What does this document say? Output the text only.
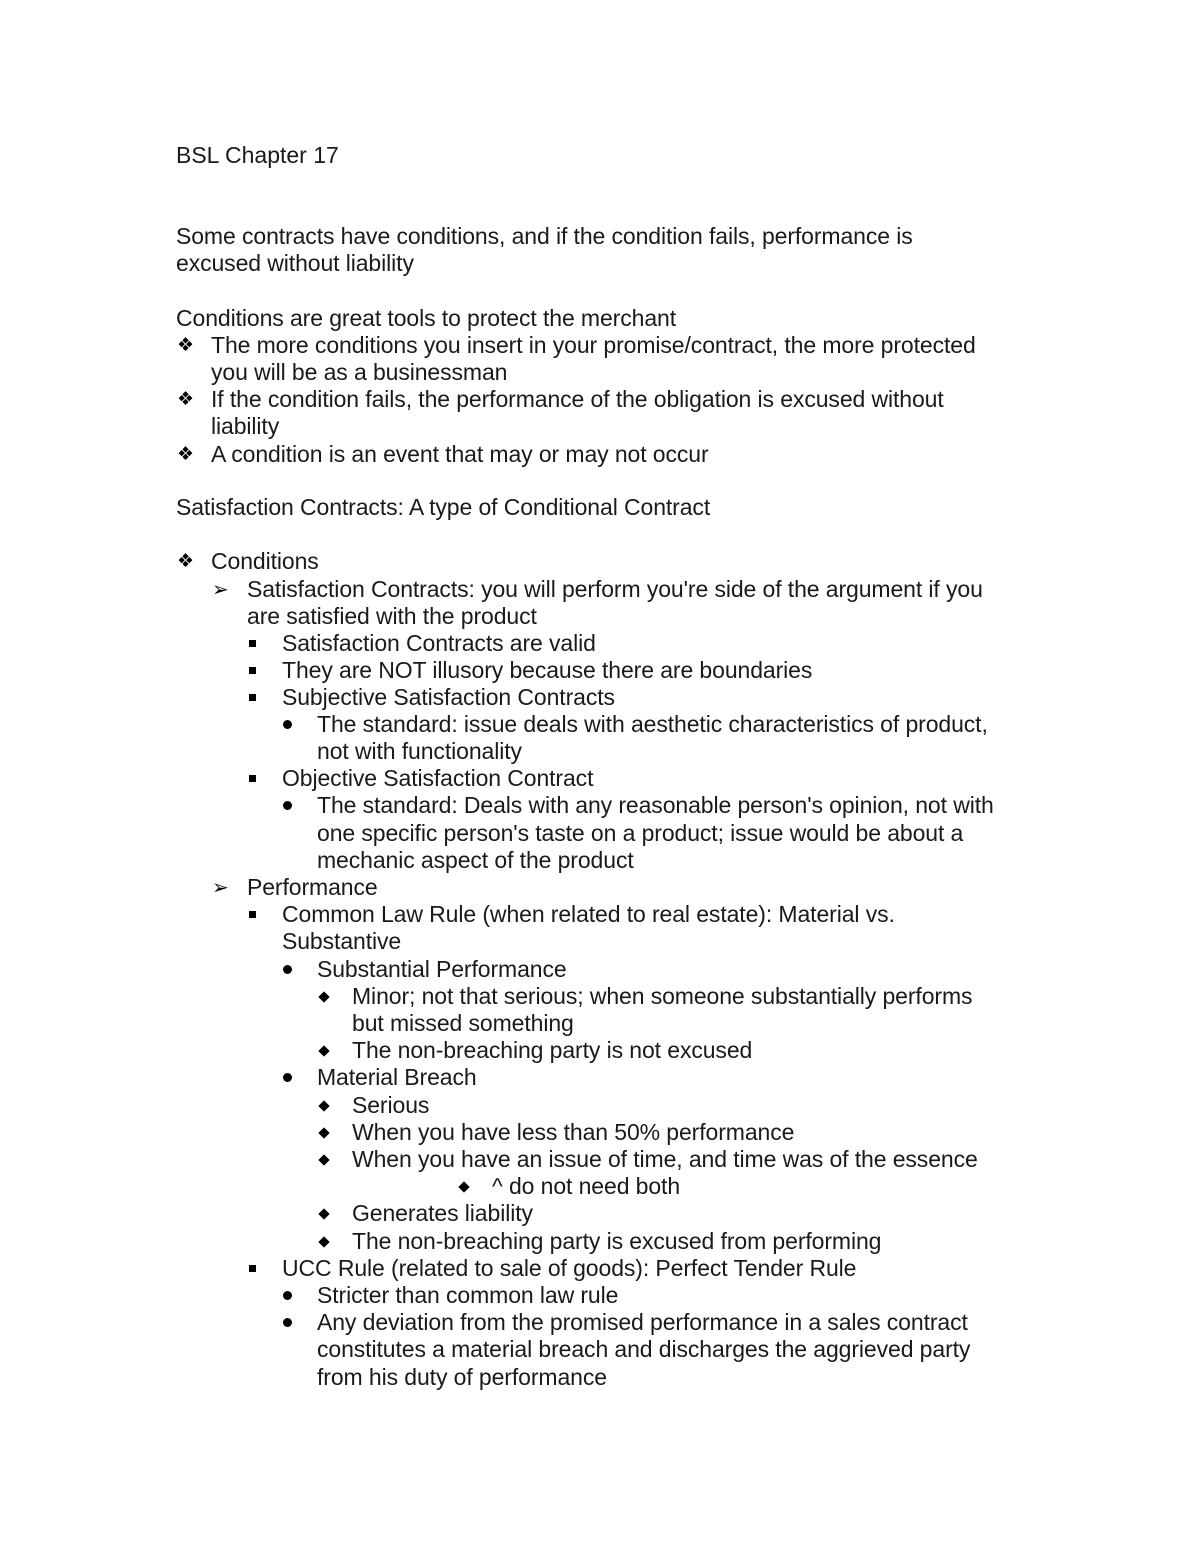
BSL Chapter 17
Some contracts have conditions, and if the condition fails, performance is
excused without liability
Conditions are great tools to protect the merchant
❖ The more conditions you insert in your promise/contract, the more protected
you will be as a businessman
❖ If the condition fails, the performance of the obligation is excused without
liability
❖ A condition is an event that may or may not occur
Satisfaction Contracts: A type of Conditional Contract
❖ Conditions
➢ Satisfaction Contracts: you will perform you're side of the argument if you
are satisfied with the product
Satisfaction Contracts are valid
They are NOT illusory because there are boundaries
Subjective Satisfaction Contracts
The standard: issue deals with aesthetic characteristics of product,
not with functionality
Objective Satisfaction Contract
The standard: Deals with any reasonable person's opinion, not with
one specific person's taste on a product; issue would be about a
mechanic aspect of the product
➢ Performance
Common Law Rule (when related to real estate): Material vs.
Substantive
Substantial Performance
Minor; not that serious; when someone substantially performs
but missed something
The non-breaching party is not excused
Material Breach
Serious
When you have less than 50% performance
When you have an issue of time, and time was of the essence
^ do not need both
Generates liability
The non-breaching party is excused from performing
UCC Rule (related to sale of goods): Perfect Tender Rule
Stricter than common law rule
Any deviation from the promised performance in a sales contract
constitutes a material breach and discharges the aggrieved party
from his duty of performance
